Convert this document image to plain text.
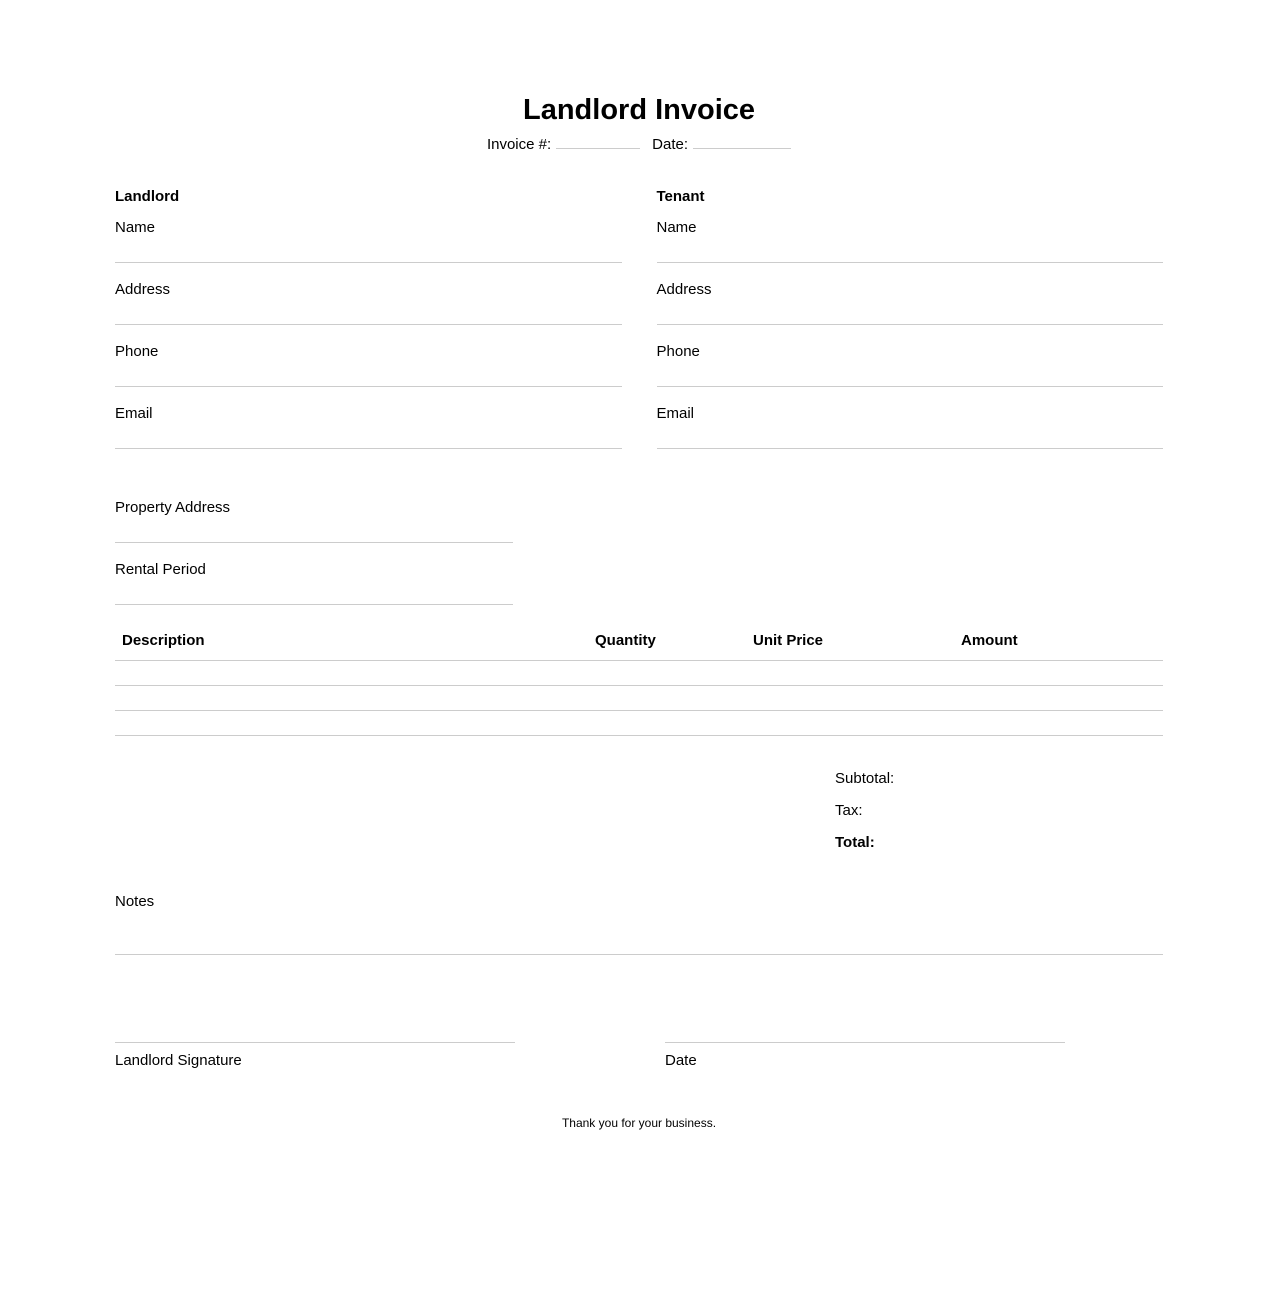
Landlord Invoice
Invoice #:	Date:
Landlord
Name
Address
Phone
Email
Tenant
Name
Address
Phone
Email
Property Address
Rental Period
Description	Quantity	Unit Price	Amount
Subtotal:
Tax:
Total:
Notes
Landlord Signature	Date
Thank you for your business.
